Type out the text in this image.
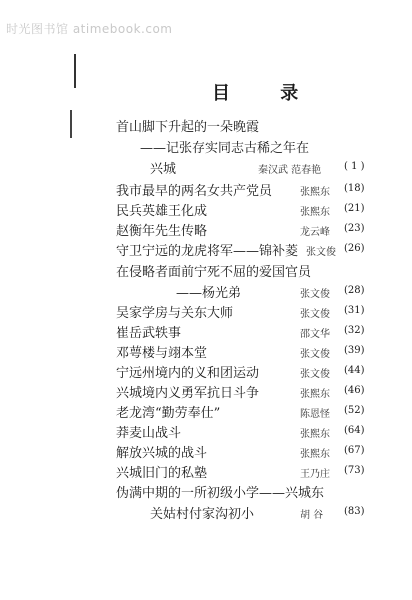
时光图书馆 atimebook.com
目 录
首山脚下升起的一朵晚霞
——记张存实同志古稀之年在
兴城	秦汉武 范春艳 ( 1 )
我市最早的两名女共产党员	张熙东 (18)
民兵英雄王化成	张熙东 (21)
赵衡年先生传略	龙云峰 (23)
守卫宁远的龙虎将军——锦补菱 张文俊 (26)
在侵略者面前宁死不屈的爱国官员
——杨光弟	张文俊 (28)
吴家学房与关东大师	张文俊 (31)
崔岳武轶事	邵文华 (32)
邓萼楼与翊本堂	张文俊 (39)
宁远州境内的义和团运动	张文俊 (44)
兴城境内义勇军抗日斗争	张熙东 (46)
老龙湾“勤劳奉仕”	陈恩怪 (52)
莽麦山战斗	张熙东 (64)
解放兴城的战斗	张熙东 (67)
兴城旧门的私塾	王乃庄 (73)
伪满中期的一所初级小学——兴城东
关姑村付家沟初小	胡 谷 (83)
